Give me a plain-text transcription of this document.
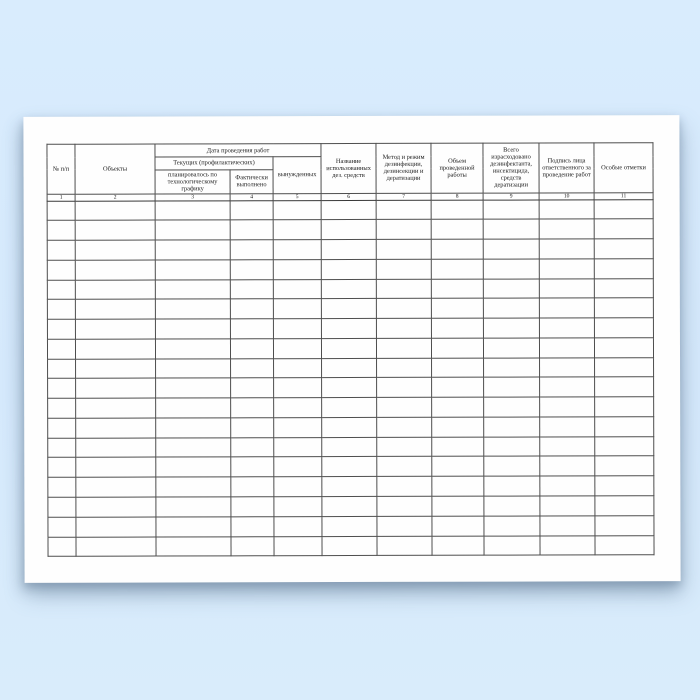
№ п/п	Объекты	Дата проведения работ			Название использованных дез. средств	Метод и режим дезинфекции, дезинсекции и дератизации	Объем проведенной работы	Всего израсходовано дезинфектанта, инсектицида, средств дератизации	Подпись лица ответственного за проведение работ	Особые отметки
		Текущих (профилактических)		вынужденных						
		планировалось по технологическому графику	Фактически выполнено							
1	2	3	4	5	6	7	8	9	10	11
